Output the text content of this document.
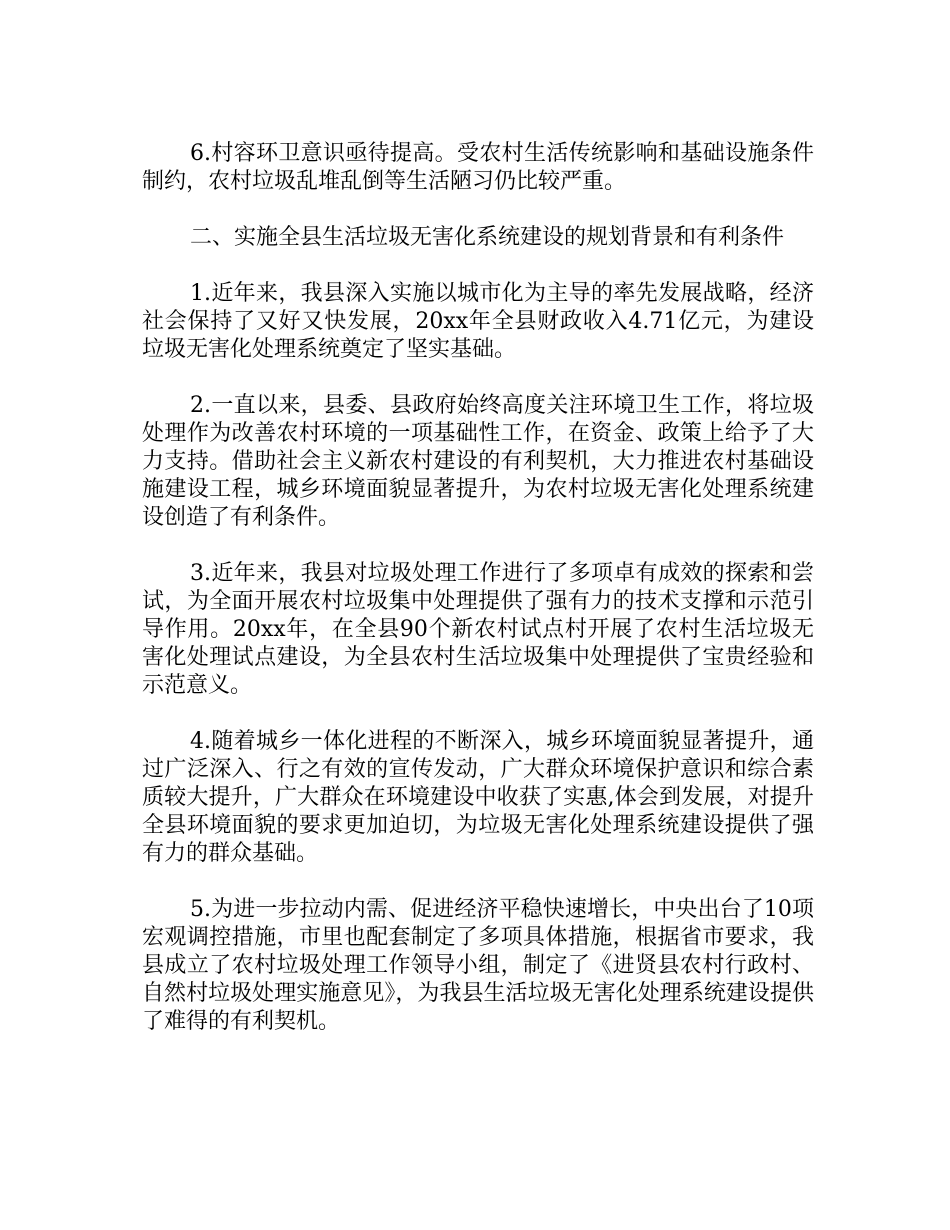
6.村容环卫意识亟待提高。受农村生活传统影响和基础设施条件制约，农村垃圾乱堆乱倒等生活陋习仍比较严重。

二、实施全县生活垃圾无害化系统建设的规划背景和有利条件

1.近年来，我县深入实施以城市化为主导的率先发展战略，经济社会保持了又好又快发展，20xx年全县财政收入4.71亿元，为建设垃圾无害化处理系统奠定了坚实基础。

2.一直以来，县委、县政府始终高度关注环境卫生工作，将垃圾处理作为改善农村环境的一项基础性工作，在资金、政策上给予了大力支持。借助社会主义新农村建设的有利契机，大力推进农村基础设施建设工程，城乡环境面貌显著提升，为农村垃圾无害化处理系统建设创造了有利条件。

3.近年来，我县对垃圾处理工作进行了多项卓有成效的探索和尝试，为全面开展农村垃圾集中处理提供了强有力的技术支撑和示范引导作用。20xx年，在全县90个新农村试点村开展了农村生活垃圾无害化处理试点建设，为全县农村生活垃圾集中处理提供了宝贵经验和示范意义。

4.随着城乡一体化进程的不断深入，城乡环境面貌显著提升，通过广泛深入、行之有效的宣传发动，广大群众环境保护意识和综合素质较大提升，广大群众在环境建设中收获了实惠,体会到发展，对提升全县环境面貌的要求更加迫切，为垃圾无害化处理系统建设提供了强有力的群众基础。

5.为进一步拉动内需、促进经济平稳快速增长，中央出台了10项宏观调控措施，市里也配套制定了多项具体措施，根据省市要求，我县成立了农村垃圾处理工作领导小组，制定了《进贤县农村行政村、自然村垃圾处理实施意见》，为我县生活垃圾无害化处理系统建设提供了难得的有利契机。
